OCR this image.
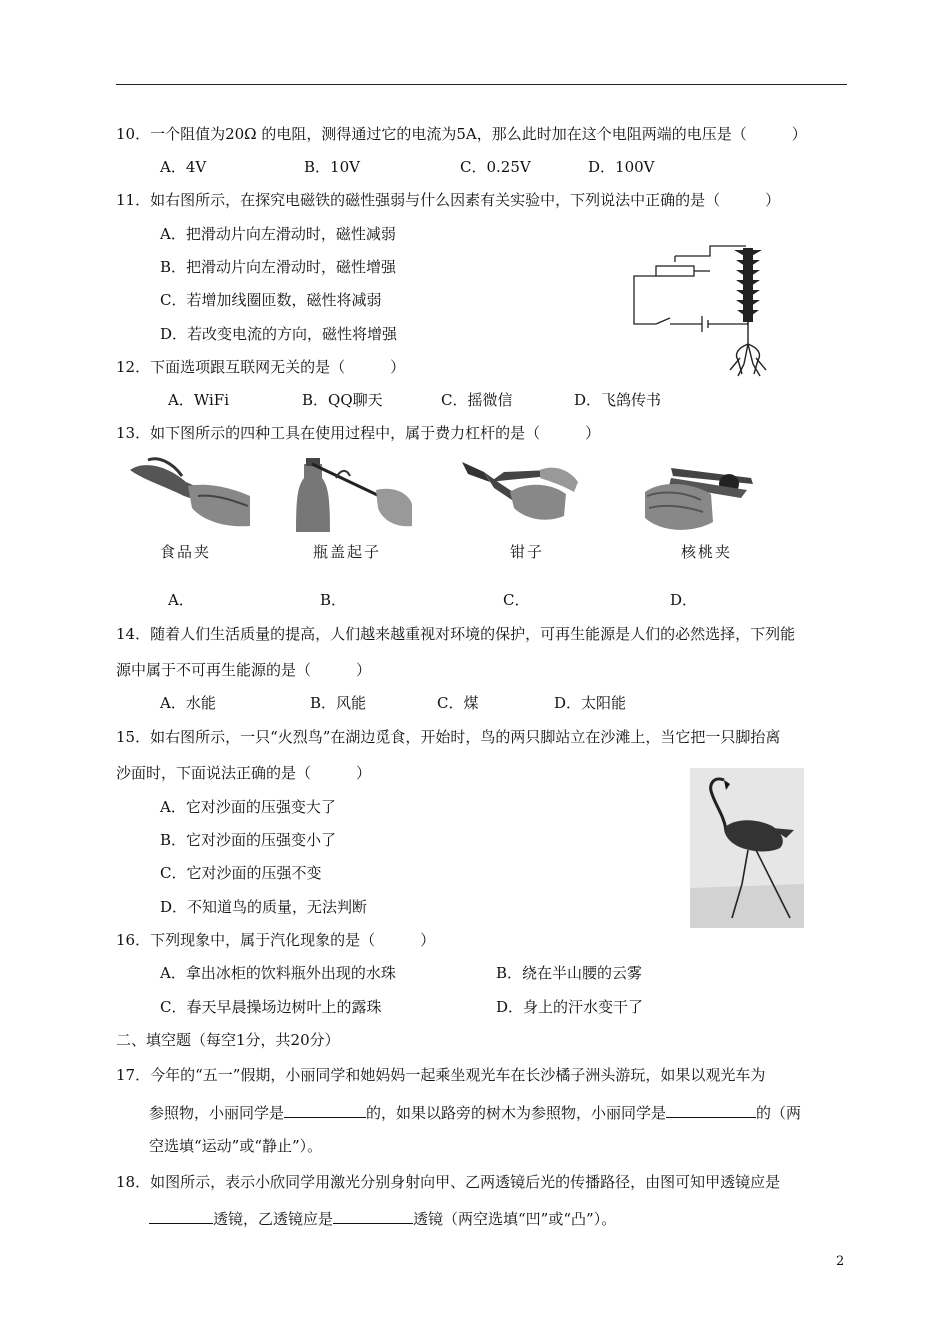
10．一个阻值为20Ω 的电阻，测得通过它的电流为5A，那么此时加在这个电阻两端的电压是（　　　）
A．4V	B．10V	C．0.25V	D．100V
11．如右图所示，在探究电磁铁的磁性强弱与什么因素有关实验中，下列说法中正确的是（　　　）
A．把滑动片向左滑动时，磁性减弱
B．把滑动片向左滑动时，磁性增强
C．若增加线圈匝数，磁性将减弱
D．若改变电流的方向，磁性将增强
12．下面选项跟互联网无关的是（　　　）
A．WiFi	B．QQ聊天	C．摇微信	D．飞鸽传书
13．如下图所示的四种工具在使用过程中，属于费力杠杆的是（　　　）
食品夹	瓶盖起子	钳子	核桃夹
A．	B．	C．	D．
14．随着人们生活质量的提高，人们越来越重视对环境的保护，可再生能源是人们的必然选择，下列能
源中属于不可再生能源的是（　　　）
A．水能	B．风能	C．煤	D．太阳能
15．如右图所示，一只“火烈鸟”在湖边觅食，开始时，鸟的两只脚站立在沙滩上，当它把一只脚抬离
沙面时，下面说法正确的是（　　　）
A．它对沙面的压强变大了
B．它对沙面的压强变小了
C．它对沙面的压强不变
D．不知道鸟的质量，无法判断
16．下列现象中，属于汽化现象的是（　　　）
A．拿出冰柜的饮料瓶外出现的水珠	B．绕在半山腰的云雾
C．春天早晨操场边树叶上的露珠	D．身上的汗水变干了
二、填空题（每空1分，共20分）
17．今年的“五一”假期，小丽同学和她妈妈一起乘坐观光车在长沙橘子洲头游玩，如果以观光车为
参照物，小丽同学是	的，如果以路旁的树木为参照物，小丽同学是	的（两
空选填“运动”或“静止”）。
18．如图所示，表示小欣同学用激光分别身射向甲、乙两透镜后光的传播路径，由图可知甲透镜应是
透镜，乙透镜应是	透镜（两空选填“凹”或“凸”）。
2
